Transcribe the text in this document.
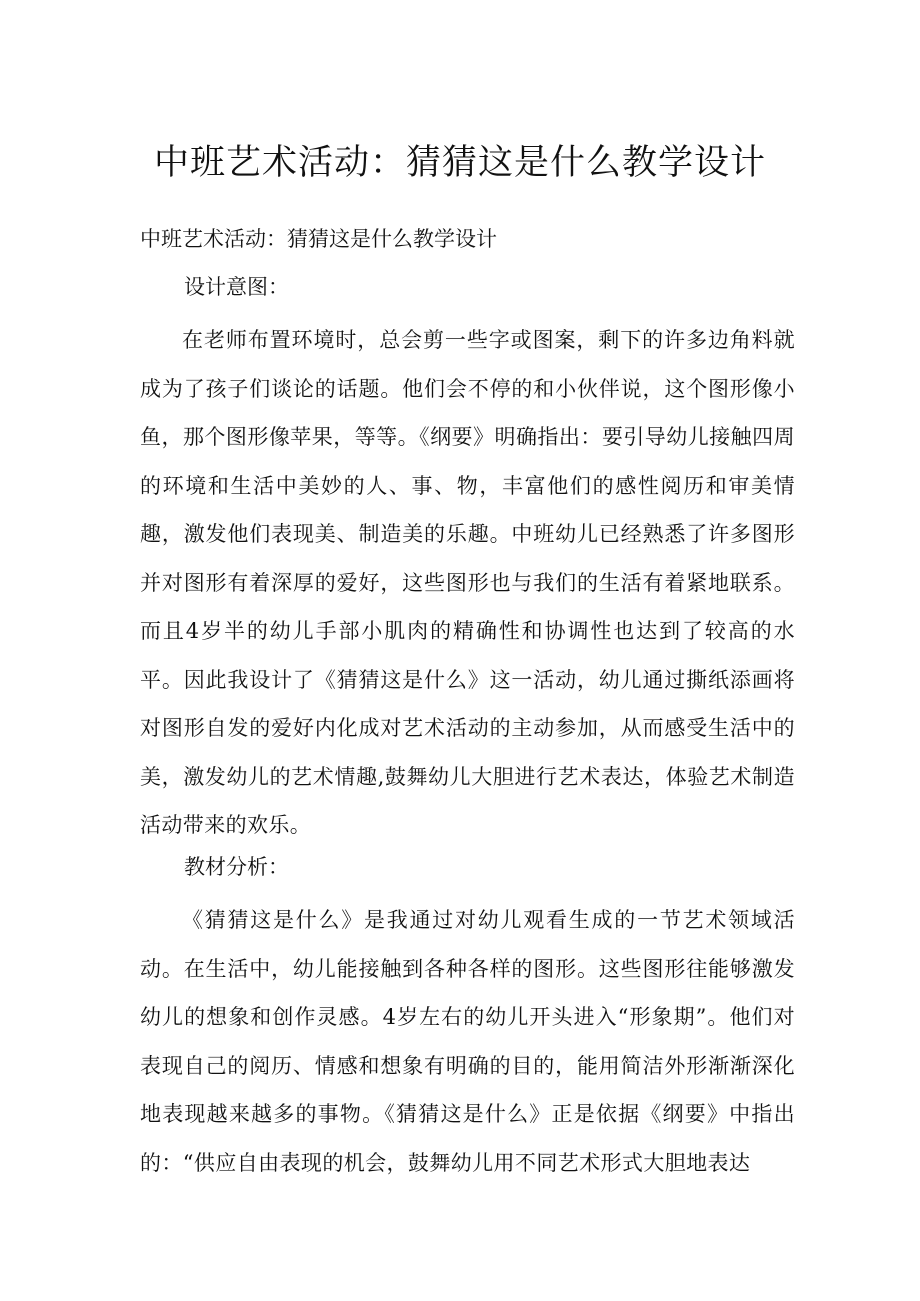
中班艺术活动：猜猜这是什么教学设计

中班艺术活动：猜猜这是什么教学设计

设计意图：

在老师布置环境时，总会剪一些字或图案，剩下的许多边角料就成为了孩子们谈论的话题。他们会不停的和小伙伴说，这个图形像小鱼，那个图形像苹果，等等。《纲要》明确指出：要引导幼儿接触四周的环境和生活中美妙的人、事、物，丰富他们的感性阅历和审美情趣，激发他们表现美、制造美的乐趣。中班幼儿已经熟悉了许多图形并对图形有着深厚的爱好，这些图形也与我们的生活有着紧地联系。而且4岁半的幼儿手部小肌肉的精确性和协调性也达到了较高的水平。因此我设计了《猜猜这是什么》这一活动，幼儿通过撕纸添画将对图形自发的爱好内化成对艺术活动的主动参加，从而感受生活中的美，激发幼儿的艺术情趣,鼓舞幼儿大胆进行艺术表达，体验艺术制造活动带来的欢乐。

教材分析：

《猜猜这是什么》是我通过对幼儿观看生成的一节艺术领域活动。在生活中，幼儿能接触到各种各样的图形。这些图形往能够激发幼儿的想象和创作灵感。4岁左右的幼儿开头进入“形象期”。他们对表现自己的阅历、情感和想象有明确的目的，能用简洁外形渐渐深化地表现越来越多的事物。《猜猜这是什么》正是依据《纲要》中指出的：“供应自由表现的机会，鼓舞幼儿用不同艺术形式大胆地表达
